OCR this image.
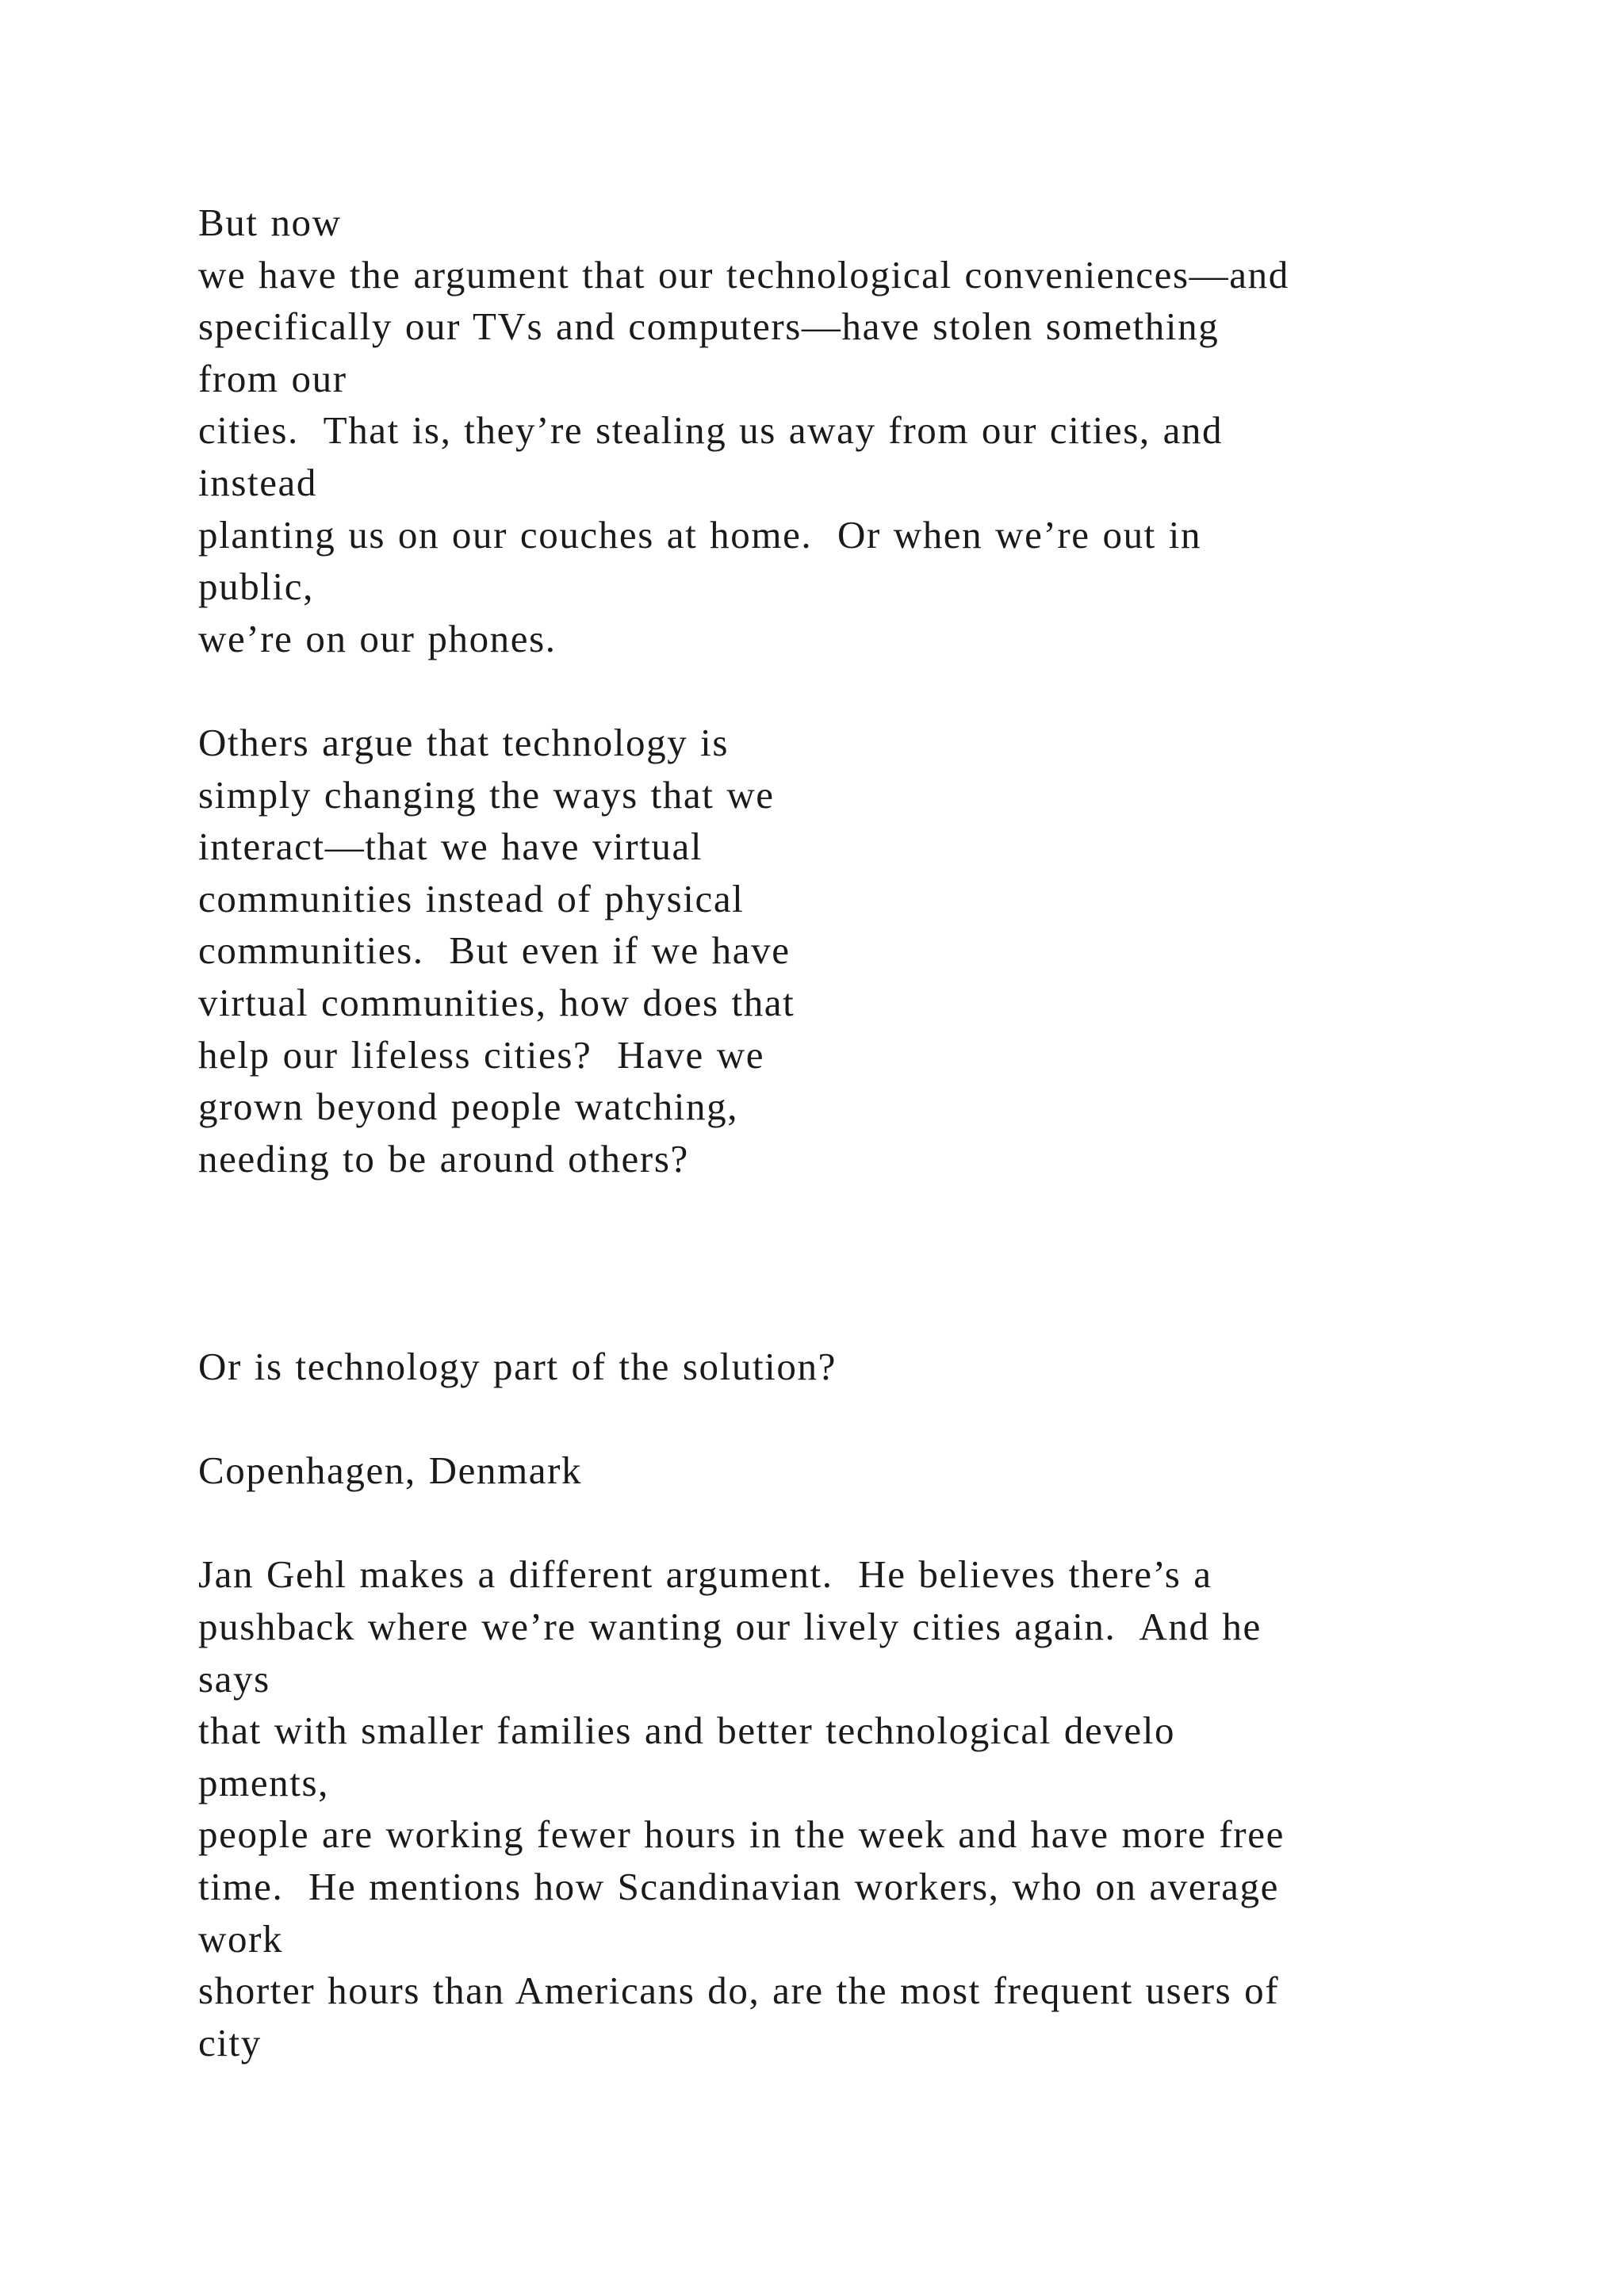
But now
we have the argument that our technological conveniences—and
specifically our TVs and computers—have stolen something
from our
cities.  That is, they’re stealing us away from our cities, and
instead
planting us on our couches at home.  Or when we’re out in
public,
we’re on our phones.
Others argue that technology is
simply changing the ways that we
interact—that we have virtual
communities instead of physical
communities.  But even if we have
virtual communities, how does that
help our lifeless cities?  Have we
grown beyond people watching,
needing to be around others?
Or is technology part of the solution?
Copenhagen, Denmark
Jan Gehl makes a different argument.  He believes there’s a
pushback where we’re wanting our lively cities again.  And he
says
that with smaller families and better technological develo
pments,
people are working fewer hours in the week and have more free
time.  He mentions how Scandinavian workers, who on average
work
shorter hours than Americans do, are the most frequent users of
city
